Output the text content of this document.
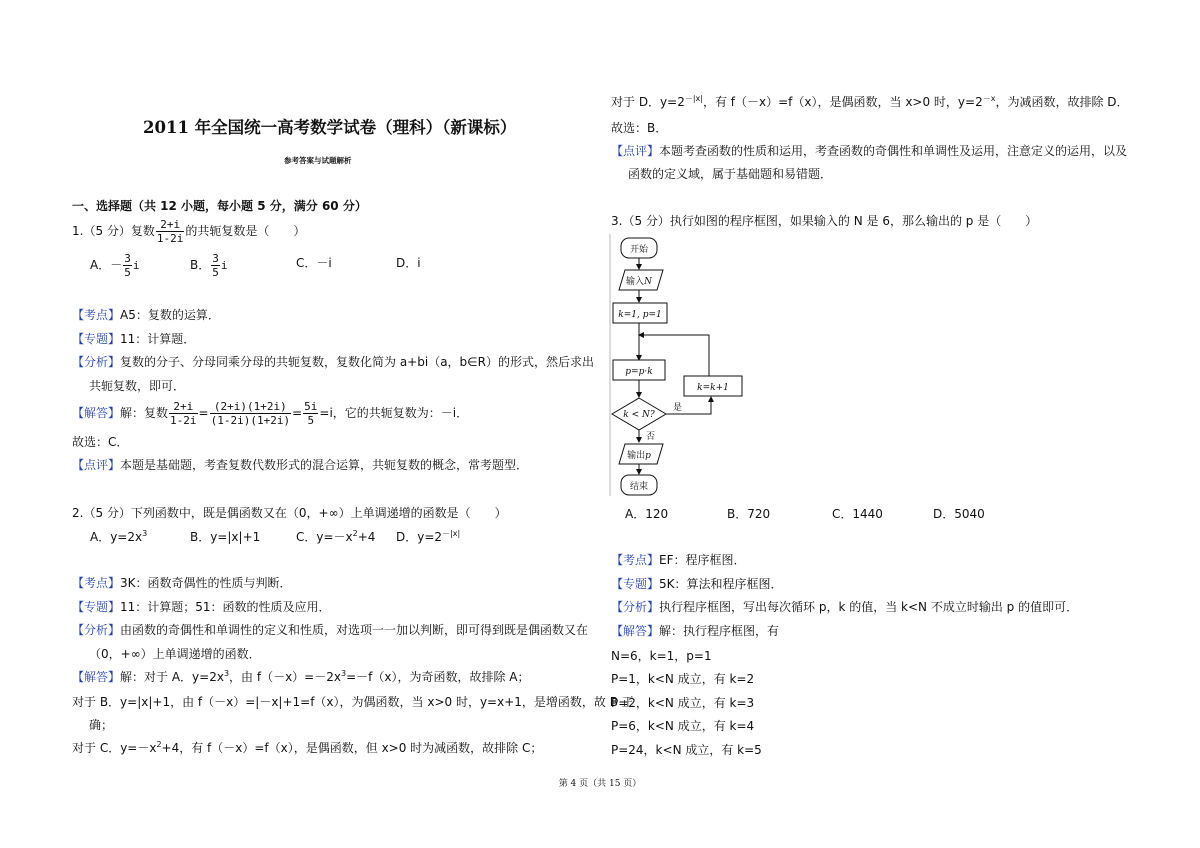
2011 年全国统一高考数学试卷（理科）（新课标）
参考答案与试题解析
一、选择题（共 12 小题，每小题 5 分，满分 60 分）
1.（5 分）复数 $\frac{2+i}{1-2i}$ 的共轭复数是（　　）
A．－ $\frac{3}{5}$ i	B． $\frac{3}{5}$ i	C．－i	D．i
【考点】A5：复数的运算．
【专题】11：计算题．
【分析】复数的分子、分母同乘分母的共轭复数，复数化简为 a+bi（a，b∈R）的形式，然后求出
共轭复数，即可．
【解答】解：复数 $\frac{2+i}{1-2i} = \frac{(2+i)(1+2i)}{(1-2i)(1+2i)} = \frac{5i}{5} =i$，它的共轭复数为：－i．
故选：C．
【点评】本题是基础题，考查复数代数形式的混合运算，共轭复数的概念，常考题型．
2.（5 分）下列函数中，既是偶函数又在（0，+∞）上单调递增的函数是（　　）
A．$y=2x^3$	B．y=|x|+1	C．$y=-x^2+4$ D．$y=2^{-|x|}$
【考点】3K：函数奇偶性的性质与判断．
【专题】11：计算题；51：函数的性质及应用．
【分析】由函数的奇偶性和单调性的定义和性质，对选项一一加以判断，即可得到既是偶函数又在
（0，+∞）上单调递增的函数．
【解答】解：对于 A．$y=2x^3$，由 $f(-x)=-2x^3=-f(x)$，为奇函数，故排除 A；
对于 B．y=|x|+1，由 f（－x）=|－x|+1=f（x），为偶函数，当 x>0 时，y=x+1，是增函数，故 B 正
确；
对于 C．$y=-x^2+4$，有 f（－x）=f（x），是偶函数，但 x>0 时为减函数，故排除 C；
对于 D．$y=2^{-|x|}$，有 f（－x）=f（x），是偶函数，当 x>0 时，$y=2^{-x}$，为减函数，故排除 D．
故选：B．
【点评】本题考查函数的性质和运用，考查函数的奇偶性和单调性及运用，注意定义的运用，以及
函数的定义域，属于基础题和易错题．
3.（5 分）执行如图的程序框图，如果输入的 N 是 6，那么输出的 p 是（　　）
开始
输入N
k=1, p=1
p=p·k
k=k+1
k < N?
是
否
输出p
结束
A．120	B．720	C．1440	D．5040
【考点】EF：程序框图．
【专题】5K：算法和程序框图．
【分析】执行程序框图，写出每次循环 p，k 的值，当 k<N 不成立时输出 p 的值即可．
【解答】解：执行程序框图，有
N=6，k=1，p=1
P=1，k<N 成立，有 k=2
P=2，k<N 成立，有 k=3
P=6，k<N 成立，有 k=4
P=24，k<N 成立，有 k=5
第 4 页（共 15 页）
